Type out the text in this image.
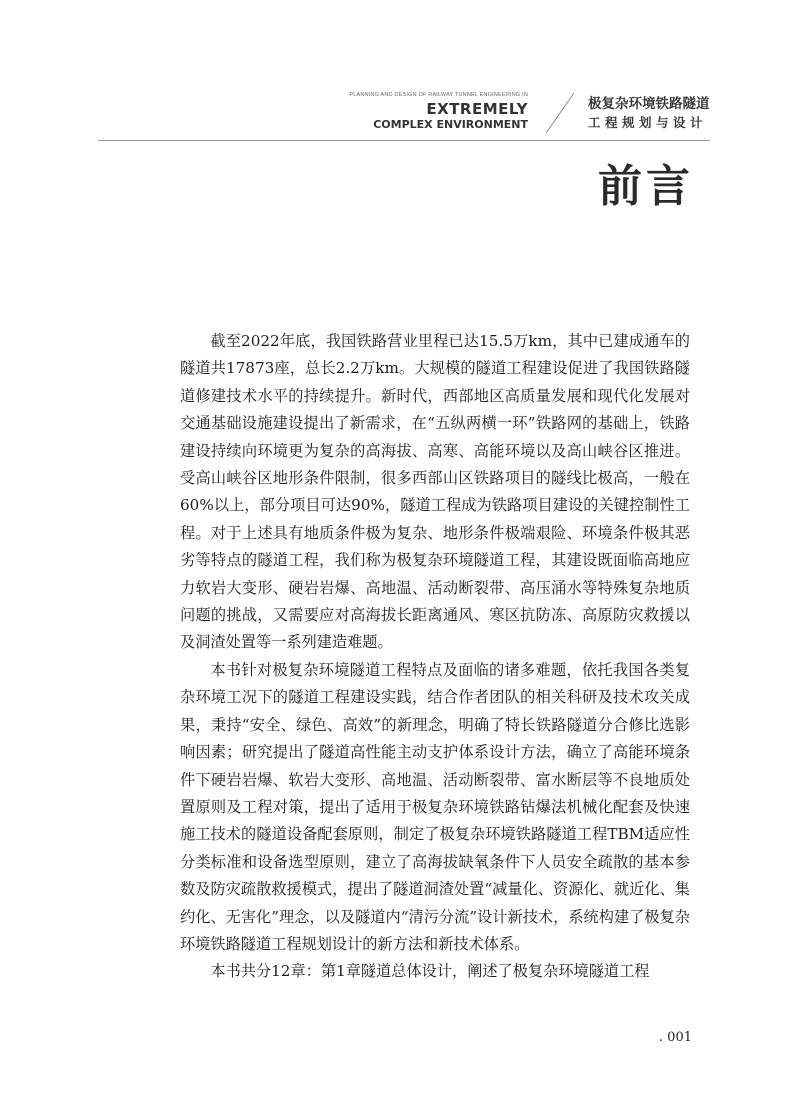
PLANNING AND DESIGN OF RAILWAY TUNNEL ENGINEERING IN
EXTREMELY
COMPLEX ENVIRONMENT
极复杂环境铁路隧道
工程规划与设计
前言

截至2022年底，我国铁路营业里程已达15.5万km，其中已建成通车的隧道共17873座，总长2.2万km。大规模的隧道工程建设促进了我国铁路隧道修建技术水平的持续提升。新时代，西部地区高质量发展和现代化发展对交通基础设施建设提出了新需求，在“五纵两横一环”铁路网的基础上，铁路建设持续向环境更为复杂的高海拔、高寒、高能环境以及高山峡谷区推进。受高山峡谷区地形条件限制，很多西部山区铁路项目的隧线比极高，一般在60%以上，部分项目可达90%，隧道工程成为铁路项目建设的关键控制性工程。对于上述具有地质条件极为复杂、地形条件极端艰险、环境条件极其恶劣等特点的隧道工程，我们称为极复杂环境隧道工程，其建设既面临高地应力软岩大变形、硬岩岩爆、高地温、活动断裂带、高压涌水等特殊复杂地质问题的挑战，又需要应对高海拔长距离通风、寒区抗防冻、高原防灾救援以及洞渣处置等一系列建造难题。

本书针对极复杂环境隧道工程特点及面临的诸多难题，依托我国各类复杂环境工况下的隧道工程建设实践，结合作者团队的相关科研及技术攻关成果，秉持“安全、绿色、高效”的新理念，明确了特长铁路隧道分合修比选影响因素；研究提出了隧道高性能主动支护体系设计方法，确立了高能环境条件下硬岩岩爆、软岩大变形、高地温、活动断裂带、富水断层等不良地质处置原则及工程对策，提出了适用于极复杂环境铁路钻爆法机械化配套及快速施工技术的隧道设备配套原则，制定了极复杂环境铁路隧道工程TBM适应性分类标准和设备选型原则，建立了高海拔缺氧条件下人员安全疏散的基本参数及防灾疏散救援模式，提出了隧道洞渣处置“减量化、资源化、就近化、集约化、无害化”理念，以及隧道内“清污分流”设计新技术，系统构建了极复杂环境铁路隧道工程规划设计的新方法和新技术体系。

本书共分12章：第1章隧道总体设计，阐述了极复杂环境隧道工程

. 001
